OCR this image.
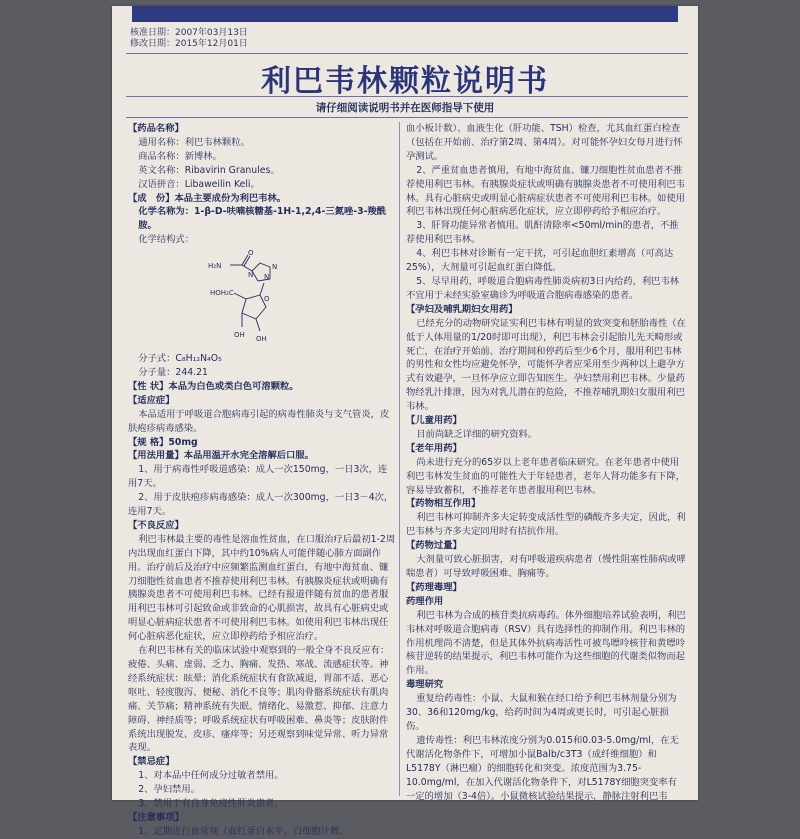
核准日期：2007年03月13日
修改日期：2015年12月01日
利巴韦林颗粒说明书
请仔细阅读说明书并在医师指导下使用

【药品名称】

通用名称：利巴韦林颗粒。

商品名称：新博林。

英文名称：Ribavirin Granules。

汉语拼音：Libaweilin Keli。

【成　份】本品主要成份为利巴韦林。

化学名称为：1-β-D-呋喃核糖基-1H-1,2,4-三氮唑-3-羧酰胺。

化学结构式：

H₂N
O
N
N
N
HOH₂C
O
OH OH

分子式：C₈H₁₂N₄O₅

分子量：244.21

【性 状】本品为白色或类白色可溶颗粒。

【适应症】

本品适用于呼吸道合胞病毒引起的病毒性肺炎与支气管炎，皮肤疱疹病毒感染。

【规 格】50mg

【用法用量】本品用温开水完全溶解后口服。

1、用于病毒性呼吸道感染：成人一次150mg，一日3次，连用7天。

2、用于皮肤疱疹病毒感染：成人一次300mg，一日3－4次，连用7天。

【不良反应】

利巴韦林最主要的毒性是溶血性贫血，在口服治疗后最初1-2周内出现血红蛋白下降，其中约10%病人可能伴随心肺方面副作用。治疗前后及治疗中应频繁监测血红蛋白，有地中海贫血、镰刀细胞性贫血患者不推荐使用利巴韦林。有胰腺炎症状或明确有胰腺炎患者不可使用利巴韦林。已经有报道伴随有贫血的患者服用利巴韦林可引起致命或非致命的心肌损害，故具有心脏病史或明显心脏病症状患者不可使用利巴韦林。如使用利巴韦林出现任何心脏病恶化症状，应立即停药给予相应治疗。

在利巴韦林有关的临床试验中观察到的一般全身不良反应有：疲倦、头痛、虚弱、乏力、胸痛、发热、寒战、流感症状等。神经系统症状：眩晕；消化系统症状有食欲减退，胃部不适、恶心呕吐、轻度腹泻、便秘、消化不良等；肌肉骨骼系统症状有肌肉痛、关节痛；精神系统有失眠、情绪化、易激惹、抑郁、注意力障碍、神经质等；呼吸系统症状有呼吸困难、鼻炎等；皮肤附件系统出现脱发、皮疹、瘙痒等；另还观察到味觉异常、听力异常表现。

【禁忌症】

1、对本品中任何成分过敏者禁用。

2、孕妇禁用。

3、禁用于有自身免疫性肝炎患者。

【注意事项】

1、定期进行血常规（血红蛋白水平、白细胞计数、

血小板计数）、血液生化（肝功能、TSH）检查，尤其血红蛋白检查（包括在开始前、治疗第2周、第4周）。对可能怀孕妇女每月进行怀孕测试。

2、严重贫血患者慎用，有地中海贫血、镰刀细胞性贫血患者不推荐使用利巴韦林。有胰腺炎症状或明确有胰腺炎患者不可使用利巴韦林。具有心脏病史或明显心脏病症状患者不可使用利巴韦林。如使用利巴韦林出现任何心脏病恶化症状，应立即停药给予相应治疗。

3、肝肾功能异常者慎用。肌酐清除率<50ml/min的患者，不推荐使用利巴韦林。

4、利巴韦林对诊断有一定干扰，可引起血胆红素增高（可高达25%），大剂量可引起血红蛋白降低。

5、尽早用药，呼吸道合胞病毒性肺炎病初3日内给药，利巴韦林不宜用于未经实验室确诊为呼吸道合胞病毒感染的患者。

【孕妇及哺乳期妇女用药】

已经充分的动物研究证实利巴韦林有明显的致突变和胚胎毒性（在低于人体用量的1/20时即可出现），利巴韦林会引起胎儿先天畸形或死亡，在治疗开始前、治疗期间和停药后至少6个月，服用利巴韦林的男性和女性均应避免怀孕，可能怀孕者应采用至少两种以上避孕方式有效避孕，一旦怀孕应立即告知医生。孕妇禁用利巴韦林。少量药物经乳汁排泄，因为对乳儿潜在的危险，不推荐哺乳期妇女服用利巴韦林。

【儿童用药】

目前尚缺乏详细的研究资料。

【老年用药】

尚未进行充分的65岁以上老年患者临床研究。在老年患者中使用利巴韦林发生贫血的可能性大于年轻患者，老年人肾功能多有下降，容易导致蓄积，不推荐老年患者服用利巴韦林。

【药物相互作用】

利巴韦林可抑制齐多夫定转变成活性型的磷酸齐多夫定，因此，利巴韦林与齐多夫定同用时有拮抗作用。

【药物过量】

大剂量可致心脏损害，对有呼吸道疾病患者（慢性阻塞性肺病或哮喘患者）可导致呼吸困难、胸痛等。

【药理毒理】

药理作用

利巴韦林为合成的核苷类抗病毒药。体外细胞培养试验表明，利巴韦林对呼吸道合胞病毒（RSV）具有选择性的抑制作用。利巴韦林的作用机理尚不清楚，但是其体外抗病毒活性可被鸟嘌呤核苷和黄嘌呤核苷逆转的结果提示，利巴韦林可能作为这些细胞的代谢类似物而起作用。

毒理研究

重复给药毒性：小鼠、大鼠和猴在经口给予利巴韦林剂量分别为30、36和120mg/kg，给药时间为4周或更长时，可引起心脏损伤。

遗传毒性：利巴韦林浓度分别为0.015和0.03-5.0mg/ml，在无代谢活化物条件下，可增加小鼠Balb/c3T3（成纤维细胞）和L5178Y（淋巴瘤）的细胞转化和突变。浓度范围为3.75-10.0mg/ml，在加入代谢活化物条件下，对L5178Y细胞突变率有一定的增加（3-4倍）。小鼠微核试验结果提示，静脉注射利巴韦
